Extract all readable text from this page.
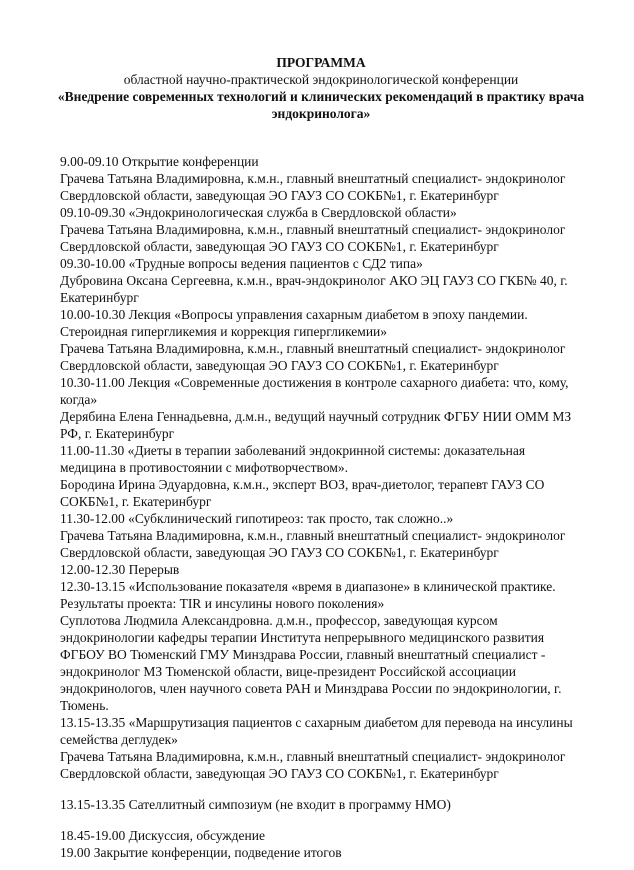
ПРОГРАММА
областной научно-практической эндокринологической конференции
«Внедрение современных технологий и клинических рекомендаций в практику врача
эндокринолога»
9.00-09.10 Открытие конференции
Грачева Татьяна Владимировна, к.м.н., главный внештатный специалист- эндокринолог
Свердловской области, заведующая ЭО ГАУЗ СО СОКБ№1, г. Екатеринбург
09.10-09.30 «Эндокринологическая служба в Свердловской области»
Грачева Татьяна Владимировна, к.м.н., главный внештатный специалист- эндокринолог
Свердловской области, заведующая ЭО ГАУЗ СО СОКБ№1, г. Екатеринбург
09.30-10.00 «Трудные вопросы ведения пациентов с СД2 типа»
Дубровина Оксана Сергеевна, к.м.н., врач-эндокринолог АКО ЭЦ ГАУЗ СО ГКБ№ 40, г.
Екатеринбург
10.00-10.30 Лекция «Вопросы управления сахарным диабетом в эпоху пандемии.
Стероидная гипергликемия и коррекция гипергликемии»
Грачева Татьяна Владимировна, к.м.н., главный внештатный специалист- эндокринолог
Свердловской области, заведующая ЭО ГАУЗ СО СОКБ№1, г. Екатеринбург
10.30-11.00 Лекция «Современные достижения в контроле сахарного диабета: что, кому,
когда»
Дерябина Елена Геннадьевна, д.м.н., ведущий научный сотрудник ФГБУ НИИ ОММ МЗ
РФ, г. Екатеринбург
11.00-11.30 «Диеты в терапии заболеваний эндокринной системы: доказательная
медицина в противостоянии с мифотворчеством».
Бородина Ирина Эдуардовна, к.м.н., эксперт ВОЗ, врач-диетолог, терапевт ГАУЗ СО
СОКБ№1, г. Екатеринбург
11.30-12.00 «Субклинический гипотиреоз: так просто, так сложно..»
Грачева Татьяна Владимировна, к.м.н., главный внештатный специалист- эндокринолог
Свердловской области, заведующая ЭО ГАУЗ СО СОКБ№1, г. Екатеринбург
12.00-12.30 Перерыв
12.30-13.15 «Использование показателя «время в диапазоне» в клинической практике.
Результаты проекта: TIR и инсулины нового поколения»
Суплотова Людмила Александровна. д.м.н., профессор, заведующая курсом
эндокринологии кафедры терапии Института непрерывного медицинского развития
ФГБОУ ВО Тюменский ГМУ Минздрава России, главный внештатный специалист -
эндокринолог МЗ Тюменской области, вице-президент Российской ассоциации
эндокринологов, член научного совета РАН и Минздрава России по эндокринологии, г.
Тюмень.
13.15-13.35 «Маршрутизация пациентов с сахарным диабетом для перевода на инсулины
семейства деглудек»
Грачева Татьяна Владимировна, к.м.н., главный внештатный специалист- эндокринолог
Свердловской области, заведующая ЭО ГАУЗ СО СОКБ№1, г. Екатеринбург
13.15-13.35 Сателлитный симпозиум (не входит в программу НМО)
18.45-19.00 Дискуссия, обсуждение
19.00 Закрытие конференции, подведение итогов
